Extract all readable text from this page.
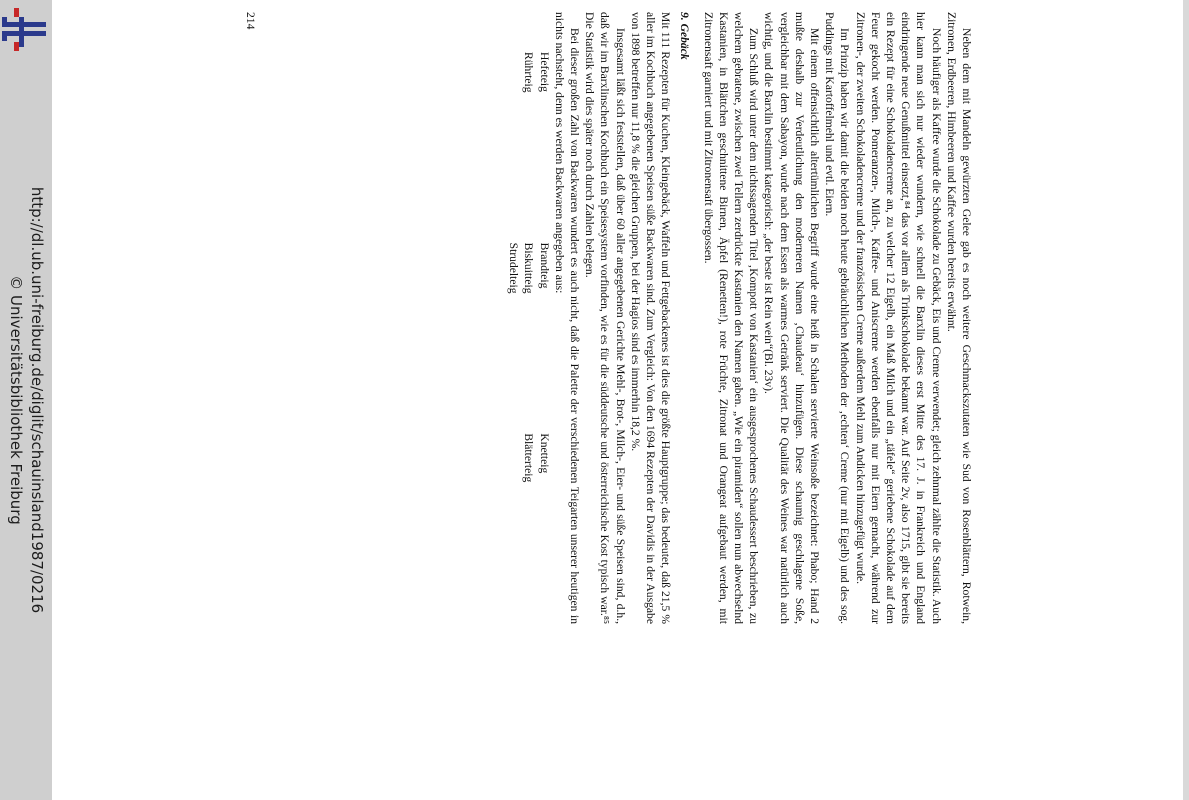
http://dl.ub.uni-freiburg.de/diglit/schauinsland1987/0216
© Universitätsbibliothek Freiburg	Neben dem mit Mandeln gewürzten Gelee gab es noch weitere Geschmackszutaten wie Sud von Rosenblättern, Rotwein, Zitronen, Erdbeeren, Himbeeren und Kaffee wurden bereits erwähnt.

Noch häufiger als Kaffee wurde die Schokolade zu Gebäck, Eis und Creme verwendet; gleich zehnmal zählte die Statistik. Auch hier kann man sich nur wieder wundern, wie schnell die Barxlin dieses erst Mitte des 17. J. in Frankreich und England eindringende neue Genußmittel einsetzt,⁸⁴ das vor allem als Trinkschokolade bekannt war. Auf Seite 2v, also 1715, gibt sie bereits ein Rezept für eine Schokoladencreme an, zu welcher 12 Eigelb, ein Maß Milch und ein „täfele“ geriebene Schokolade auf dem Feuer gekocht werden. Pomeranzen-, Milch-, Kaffee- und Aniscreme werden ebenfalls nur mit Eiern gemacht, während zur Zitronen-, der zweiten Schokoladencreme und der französischen Creme außerdem Mehl zum Andicken hinzugefügt wurde.

Im Prinzip haben wir damit die beiden noch heute gebräuchlichen Methoden der ‚echten‘ Creme (nur mit Eigelb) und des sog. Puddings mit Kartoffelmehl und evtl. Eiern.

Mit einem offensichtlich altertümlichen Begriff wurde eine heiß in Schalen servierte Weinsoße bezeichnet: Phabo; Hand 2 mußte deshalb zur Verdeutlichung den moderneren Namen ‚Chaudeau‘ hinzufügen. Diese schaumig geschlagene Soße, vergleichbar mit dem Sabayon, wurde nach dem Essen als warmes Getränk serviert. Die Qualität des Weines war natürlich auch wichtig, und die Barxlin bestimmt kategorisch: „der beste ist Rein wein“(Bl. 23v).

Zum Schluß wird unter dem nichtssagenden Titel ‚Kompott von Kastanien‘ ein ausgesprochenes Schaudessert beschrieben, zu welchem gebratene, zwischen zwei Tellern zerdrückte Kastanien den Namen gaben. „Wie ein piramiden“ sollen nun abwechselnd Kastanien, in Blättchen geschnittene Birnen, Äpfel (Renetten!), rote Früchte, Zitronat und Orangeat aufgebaut werden, mit Zitronensaft garniert und mit Zitronensaft übergossen.

9. Gebäck

Mit 111 Rezepten für Kuchen, Kleingebäck, Waffeln und Fettgebackenes ist dies die größte Hauptgruppe; das bedeutet, daß 21,5 % aller im Kochbuch angegebenen Speisen süße Backwaren sind. Zum Vergleich: Von den 1694 Rezepten der Davidis in der Ausgabe von 1898 betreffen nur 11,8 % die gleichen Gruppen, bei der Hagios sind es immerhin 18,2 %.

Insgesamt läßt sich feststellen, daß über 60 aller angegebenen Gerichte Mehl-, Brot-, Milch-, Eier- und süße Speisen sind, d.h., daß wir im Barxlinschen Kochbuch ein Speisesystem vorfinden, wie es für die süddeutsche und österreichische Kost typisch war.⁸⁵ Die Statistik wird dies später noch durch Zahlen belegen.

Bei dieser großen Zahl von Backwaren wundert es auch nicht, daß die Palette der verschiedenen Teigarten unserer heutigen in nichts nachsteht, denn es werden Backwaren angegeben aus:

Hefeteig
Brandteig
Knetteig
Rührteig
Biskuitteig
Blätterteig
Strudelteig
214
